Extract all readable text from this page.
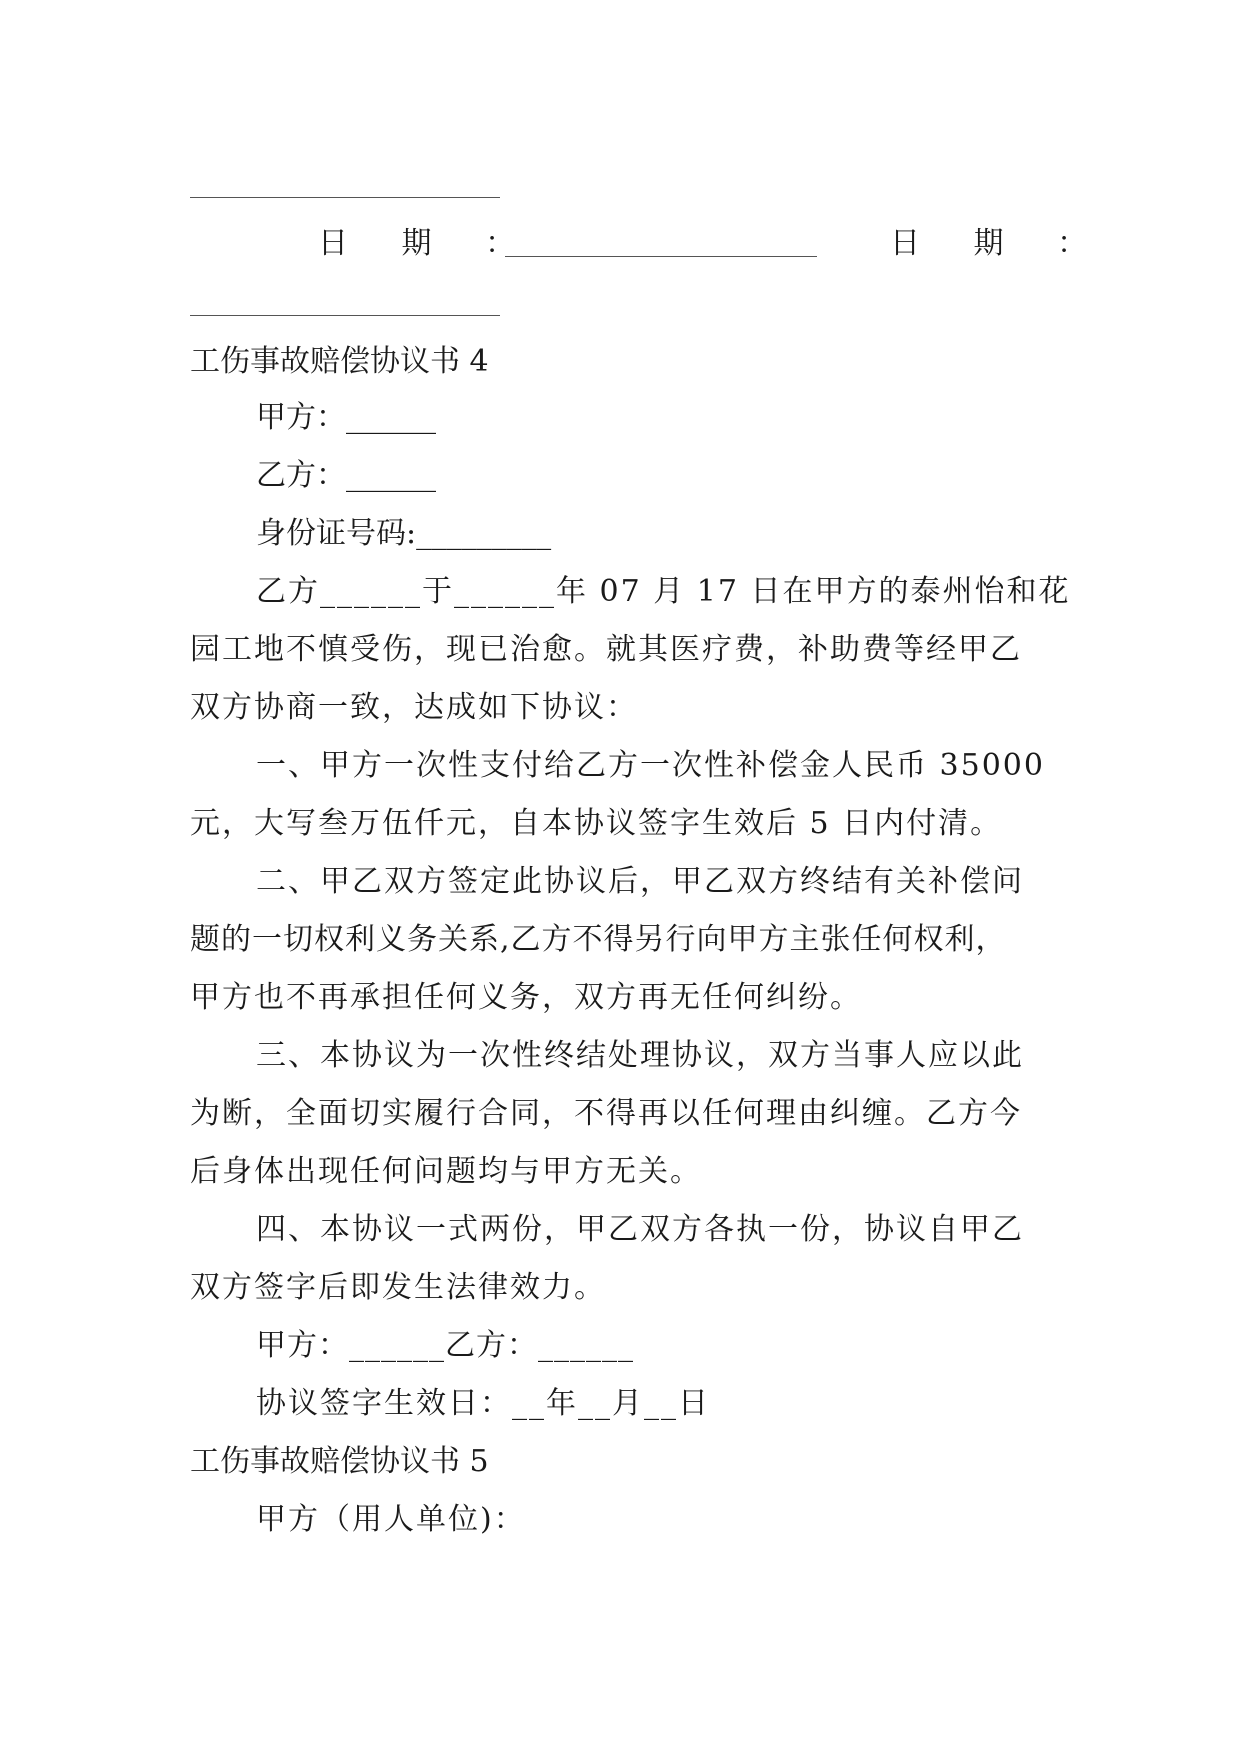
日 期 ：	日 期 ：
工伤事故赔偿协议书 4
甲方：______
乙方：______
身份证号码:_________
乙方______于______年 07 月 17 日在甲方的泰州怡和花
园工地不慎受伤，现已治愈。就其医疗费，补助费等经甲乙
双方协商一致，达成如下协议：
一、甲方一次性支付给乙方一次性补偿金人民币 35000
元，大写叁万伍仟元，自本协议签字生效后 5 日内付清。
二、甲乙双方签定此协议后，甲乙双方终结有关补偿问
题的一切权利义务关系,乙方不得另行向甲方主张任何权利，
甲方也不再承担任何义务，双方再无任何纠纷。
三、本协议为一次性终结处理协议，双方当事人应以此
为断，全面切实履行合同，不得再以任何理由纠缠。乙方今
后身体出现任何问题均与甲方无关。
四、本协议一式两份，甲乙双方各执一份，协议自甲乙
双方签字后即发生法律效力。
甲方：______乙方：______
协议签字生效日：__年__月__日
工伤事故赔偿协议书 5
甲方（用人单位)：
